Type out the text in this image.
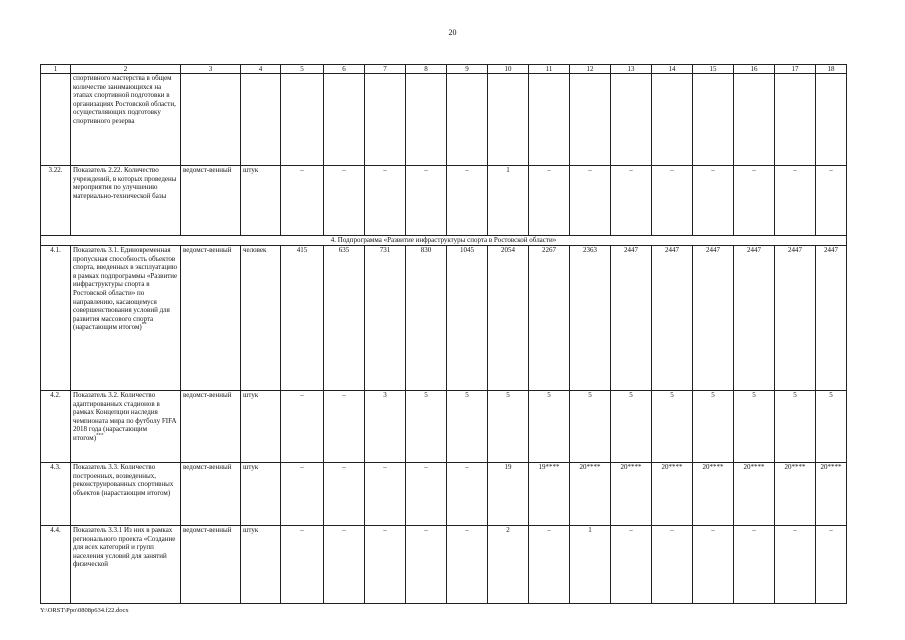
20
1	2	3	4	5	6	7	8	9	10	11	12	13	14	15	16	17	18
	спортивного мастерства в общем количестве занимающихся на этапах спортивной подготовки в организациях Ростовской области, осуществляющих подготовку спортивного резерва																
3.22.	Показатель 2.22. Количество учреждений, в которых проведены мероприятия по улучшению материально-технической базы	ведомст-венный	штук	–	–	–	–	–	1	–	–	–	–	–	–	–	–
4. Подпрограмма «Развитие инфраструктуры спорта в Ростовской области»																	
4.1.	Показатель 3.1. Единовременная пропускная способность объектов спорта, введенных в эксплуатацию в рамках подпрограммы «Развитие инфраструктуры спорта в Ростовской области» по направлению, касающемуся совершенствования условий для развития массового спорта (нарастающим итогом)**	ведомст-венный	человек	415	635	731	830	1045	2054	2267	2363	2447	2447	2447	2447	2447	2447
4.2.	Показатель 3.2. Количество адаптированных стадионов в рамках Концепции наследия чемпионата мира по футболу FIFA 2018 года (нарастающим итогом)***	ведомст-венный	штук	–	–	3	5	5	5	5	5	5	5	5	5	5	5
4.3.	Показатель 3.3. Количество построенных, возведенных, реконструированных спортивных объектов (нарастающим итогом)	ведомст-венный	штук	–	–	–	–	–	19	19****	20****	20****	20****	20****	20****	20****	20****
4.4.	Показатель 3.3.1 Из них в рамках регионального проекта «Создание для всех категорий и групп населения условий для занятий физической	ведомст-венный	штук	–	–	–	–	–	2	–	1	–	–	–	–	–	–
Y:\ORST\Ppo\0808p634.f22.docx
